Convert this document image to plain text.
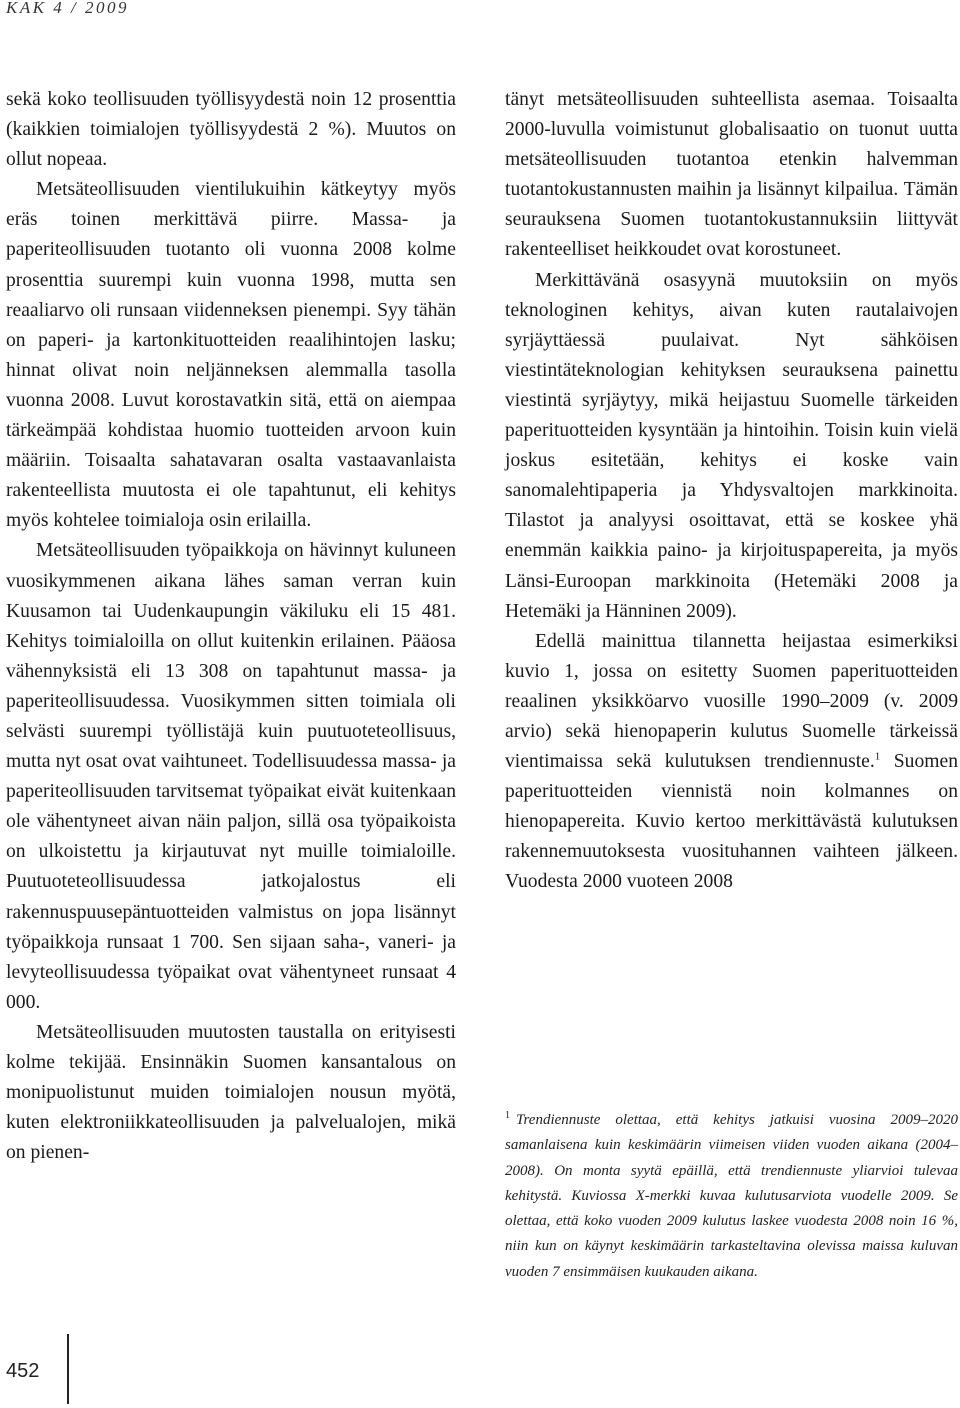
KAK 4 / 2009

sekä koko teollisuuden työllisyydestä noin 12 prosenttia (kaikkien toimialojen työllisyydestä 2 %). Muutos on ollut nopeaa.

Metsäteollisuuden vientilukuihin kätkeytyy myös eräs toinen merkittävä piirre. Massa- ja paperiteollisuuden tuotanto oli vuonna 2008 kolme prosenttia suurempi kuin vuonna 1998, mutta sen reaaliarvo oli runsaan viidenneksen pienempi. Syy tähän on paperi- ja kartonkituotteiden reaalihintojen lasku; hinnat olivat noin neljänneksen alemmalla tasolla vuonna 2008. Luvut korostavatkin sitä, että on aiempaa tärkeämpää kohdistaa huomio tuotteiden arvoon kuin määriin. Toisaalta sahatavaran osalta vastaavanlaista rakenteellista muutosta ei ole tapahtunut, eli kehitys myös kohtelee toimialoja osin erilailla.

Metsäteollisuuden työpaikkoja on hävinnyt kuluneen vuosikymmenen aikana lähes saman verran kuin Kuusamon tai Uudenkaupungin väkiluku eli 15 481. Kehitys toimialoilla on ollut kuitenkin erilainen. Pääosa vähennyksistä eli 13 308 on tapahtunut massa- ja paperiteollisuudessa. Vuosikymmen sitten toimiala oli selvästi suurempi työllistäjä kuin puutuoteteollisuus, mutta nyt osat ovat vaihtuneet. Todellisuudessa massa- ja paperiteollisuuden tarvitsemat työpaikat eivät kuitenkaan ole vähentyneet aivan näin paljon, sillä osa työpaikoista on ulkoistettu ja kirjautuvat nyt muille toimialoille. Puutuoteteollisuudessa jatkojalostus eli rakennuspuusepäntuotteiden valmistus on jopa lisännyt työpaikkoja runsaat 1 700. Sen sijaan saha-, vaneri- ja levyteollisuudessa työpaikat ovat vähentyneet runsaat 4 000.

Metsäteollisuuden muutosten taustalla on erityisesti kolme tekijää. Ensinnäkin Suomen kansantalous on monipuolistunut muiden toimialojen nousun myötä, kuten elektroniikkateollisuuden ja palvelualojen, mikä on pienen-

tänyt metsäteollisuuden suhteellista asemaa. Toisaalta 2000-luvulla voimistunut globalisaatio on tuonut uutta metsäteollisuuden tuotantoa etenkin halvemman tuotantokustannusten maihin ja lisännyt kilpailua. Tämän seurauksena Suomen tuotantokustannuksiin liittyvät rakenteelliset heikkoudet ovat korostuneet.

Merkittävänä osasyynä muutoksiin on myös teknologinen kehitys, aivan kuten rautalaivojen syrjäyttäessä puulaivat. Nyt sähköisen viestintäteknologian kehityksen seurauksena painettu viestintä syrjäytyy, mikä heijastuu Suomelle tärkeiden paperituotteiden kysyntään ja hintoihin. Toisin kuin vielä joskus esitetään, kehitys ei koske vain sanomalehtipaperia ja Yhdysvaltojen markkinoita. Tilastot ja analyysi osoittavat, että se koskee yhä enemmän kaikkia paino- ja kirjoituspapereita, ja myös Länsi-Euroopan markkinoita (Hetemäki 2008 ja Hetemäki ja Hänninen 2009).

Edellä mainittua tilannetta heijastaa esimerkiksi kuvio 1, jossa on esitetty Suomen paperituotteiden reaalinen yksikköarvo vuosille 1990–2009 (v. 2009 arvio) sekä hienopaperin kulutus Suomelle tärkeissä vientimaissa sekä kulutuksen trendiennuste.$^1$ Suomen paperituotteiden viennistä noin kolmannes on hienopapereita. Kuvio kertoo merkittävästä kulutuksen rakennemuutoksesta vuosituhannen vaihteen jälkeen. Vuodesta 2000 vuoteen 2008

$^1$ Trendiennuste olettaa, että kehitys jatkuisi vuosina 2009–2020 samanlaisena kuin keskimäärin viimeisen viiden vuoden aikana (2004–2008). On monta syytä epäillä, että trendiennuste yliarvioi tulevaa kehitystä. Kuviossa X-merkki kuvaa kulutusarviota vuodelle 2009. Se olettaa, että koko vuoden 2009 kulutus laskee vuodesta 2008 noin 16 %, niin kun on käynyt keskimäärin tarkasteltavina olevissa maissa kuluvan vuoden 7 ensimmäisen kuukauden aikana.

452
